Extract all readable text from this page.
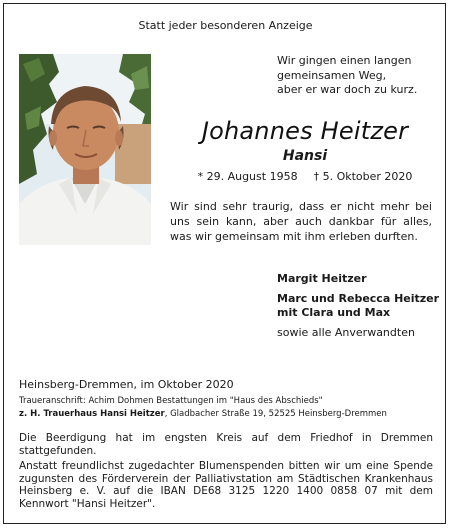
Statt jeder besonderen Anzeige
Wir gingen einen langen
gemeinsamen Weg,
aber er war doch zu kurz.
Johannes Heitzer
Hansi
* 29. August 1958 † 5. Oktober 2020
Wir sind sehr traurig, dass er nicht mehr bei uns sein kann, aber auch dankbar für alles, was wir gemeinsam mit ihm erleben durften.
Margit Heitzer
Marc und Rebecca Heitzer
mit Clara und Max
sowie alle Anverwandten
Heinsberg-Dremmen, im Oktober 2020
Traueranschrift: Achim Dohmen Bestattungen im "Haus des Abschieds"
z. H. Trauerhaus Hansi Heitzer, Gladbacher Straße 19, 52525 Heinsberg-Dremmen
Die Beerdigung hat im engsten Kreis auf dem Friedhof in Dremmen stattgefunden.
Anstatt freundlichst zugedachter Blumenspenden bitten wir um eine Spende zugunsten des Förderverein der Palliativstation am Städtischen Krankenhaus Heinsberg e. V. auf die IBAN DE68 3125 1220 1400 0858 07 mit dem Kennwort "Hansi Heitzer".
